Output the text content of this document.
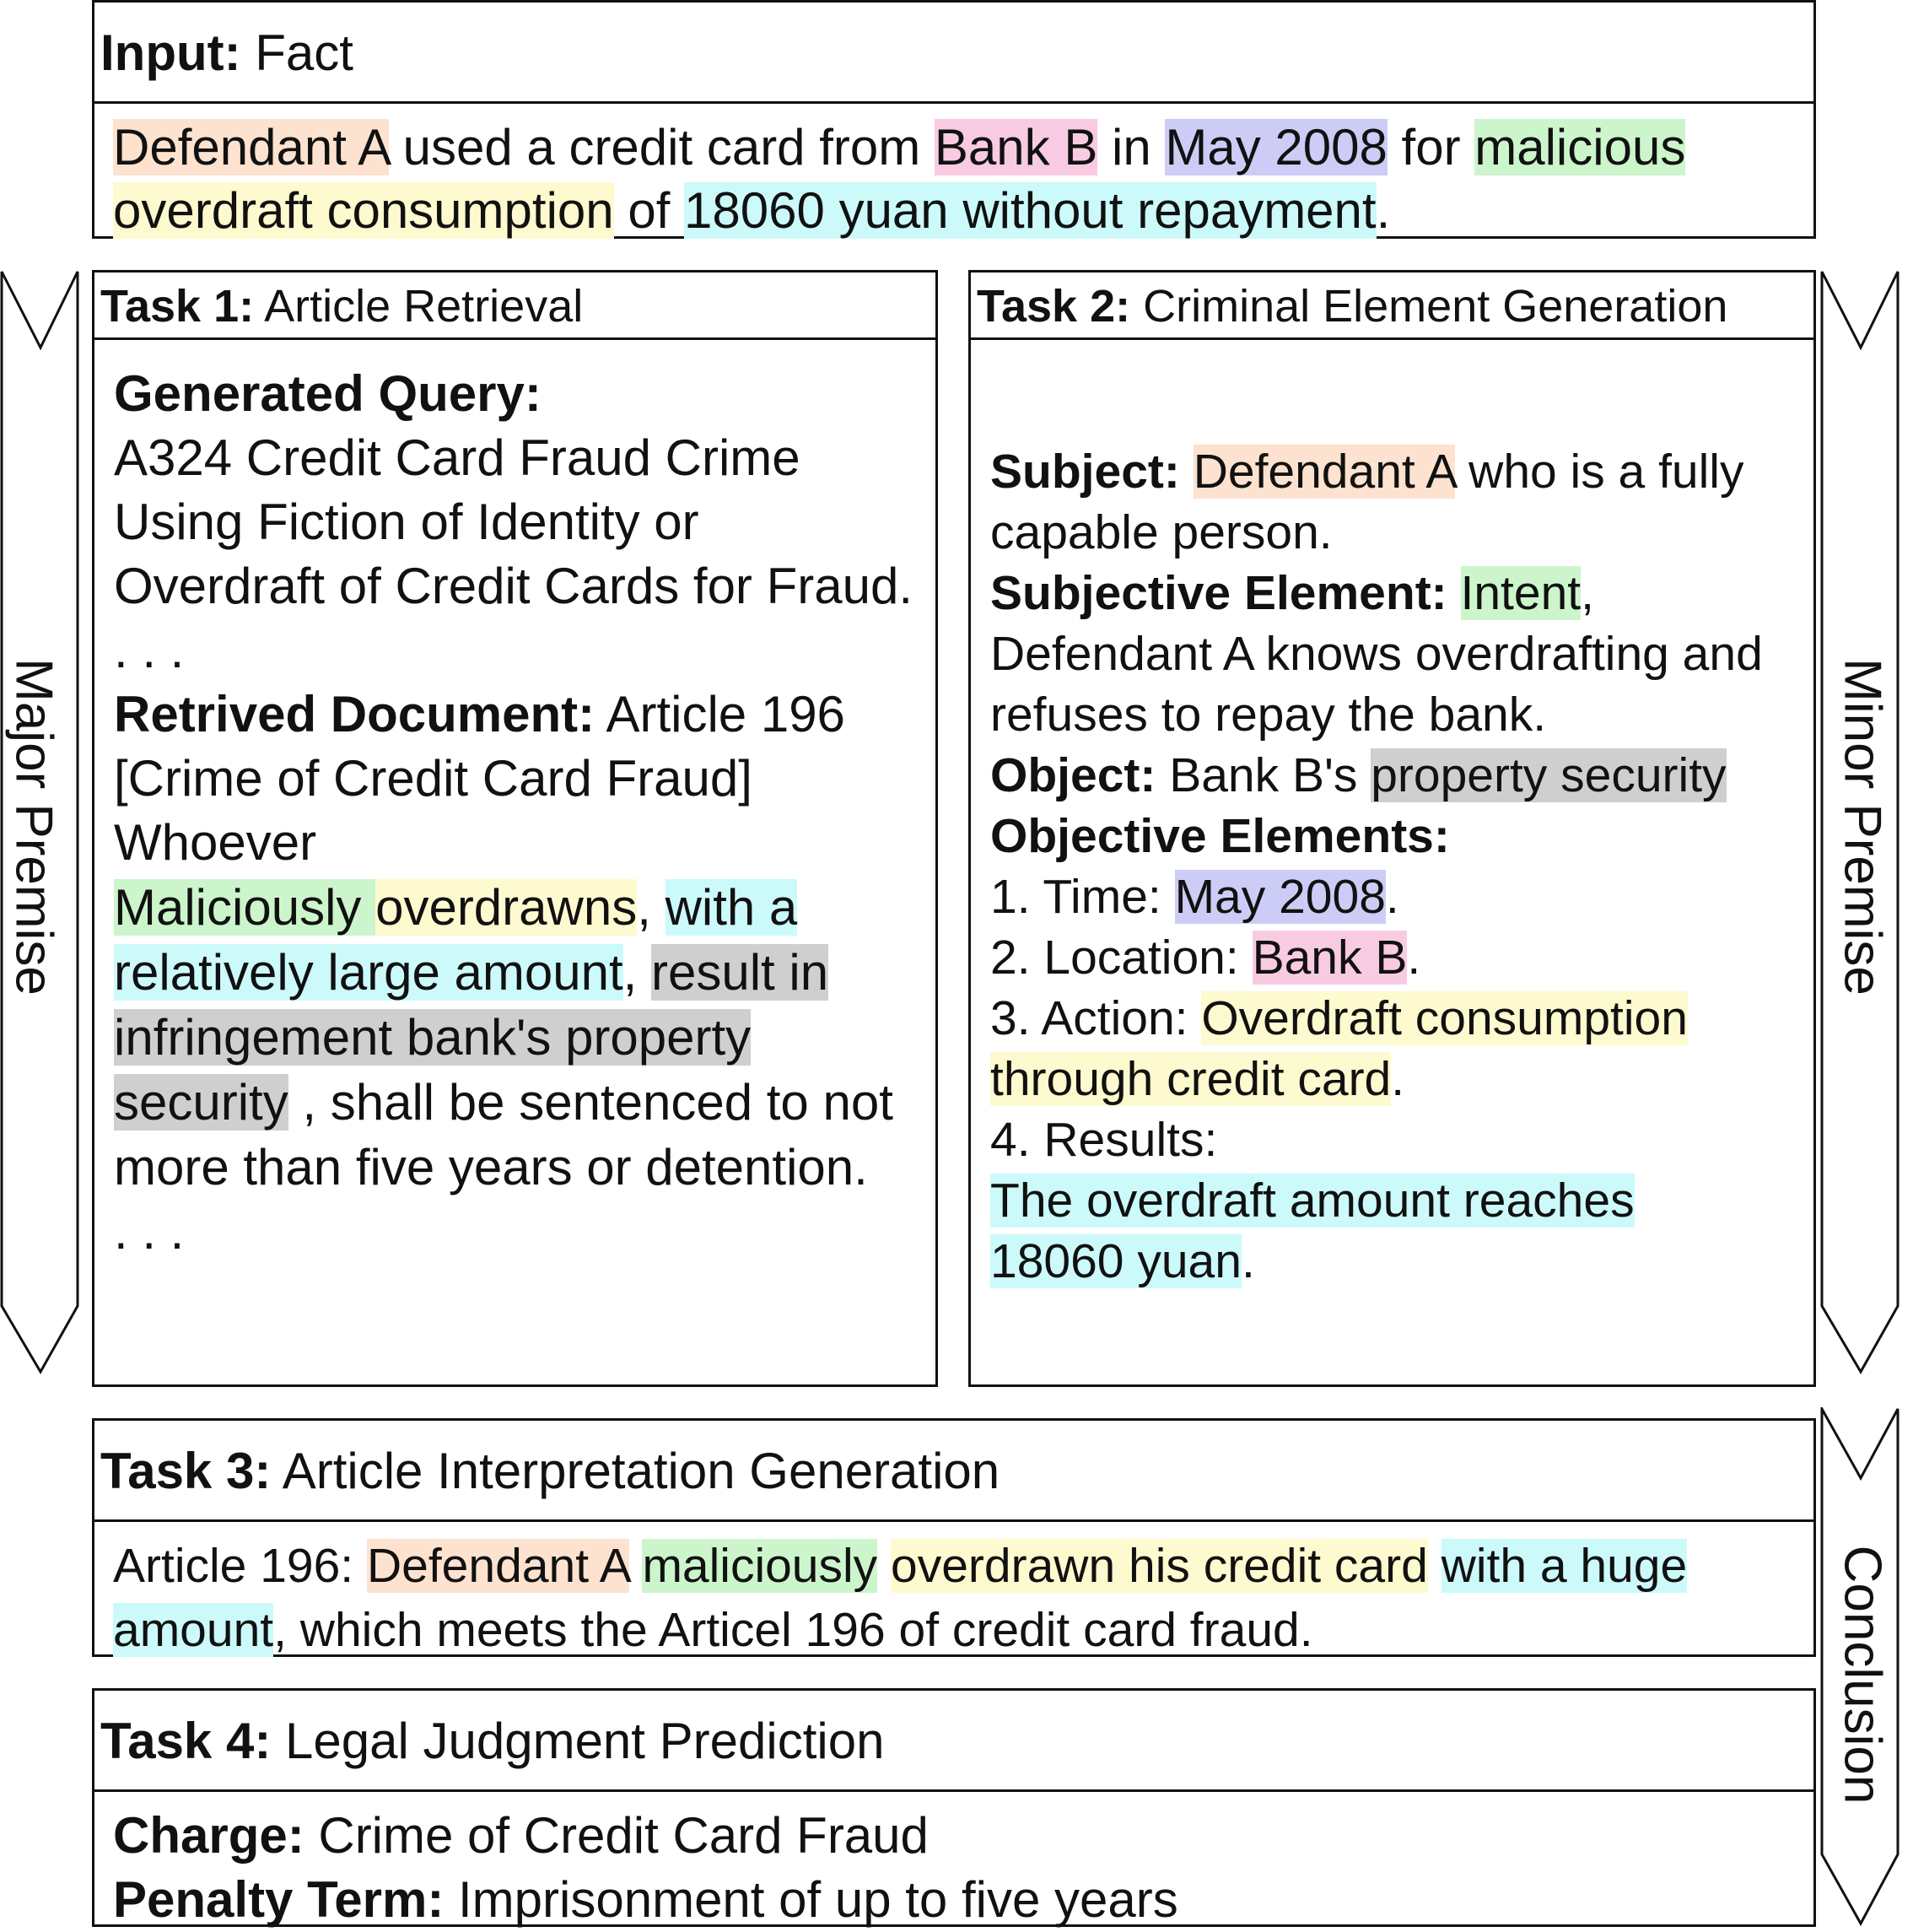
Major Premise	Minor Premise
Conclusion
Input: Fact
Defendant A used a credit card from Bank B in May 2008 for malicious overdraft consumption of 18060 yuan without repayment.
Task 1: Article Retrieval
Generated Query:
A324 Credit Card Fraud Crime Using Fiction of Identity or Overdraft of Credit Cards for Fraud.
. . .
Retrived Document: Article 196
[Crime of Credit Card Fraud]
Whoever
Maliciously overdrawns, with a relatively large amount, result in infringement bank's property security , shall be sentenced to not more than five years or detention.
. . .
Task 2: Criminal Element Generation
Subject: Defendant A who is a fully capable person.
Subjective Element: Intent, Defendant A knows overdrafting and refuses to repay the bank.
Object: Bank B's property security
Objective Elements:
1. Time: May 2008.
2. Location: Bank B.
3. Action: Overdraft consumption through credit card.
4. Results:
The overdraft amount reaches 18060 yuan.
Task 3: Article Interpretation Generation
Article 196: Defendant A maliciously overdrawn his credit card with a huge amount, which meets the Articel 196 of credit card fraud.
Task 4: Legal Judgment Prediction
Charge: Crime of Credit Card Fraud
Penalty Term: Imprisonment of up to five years
